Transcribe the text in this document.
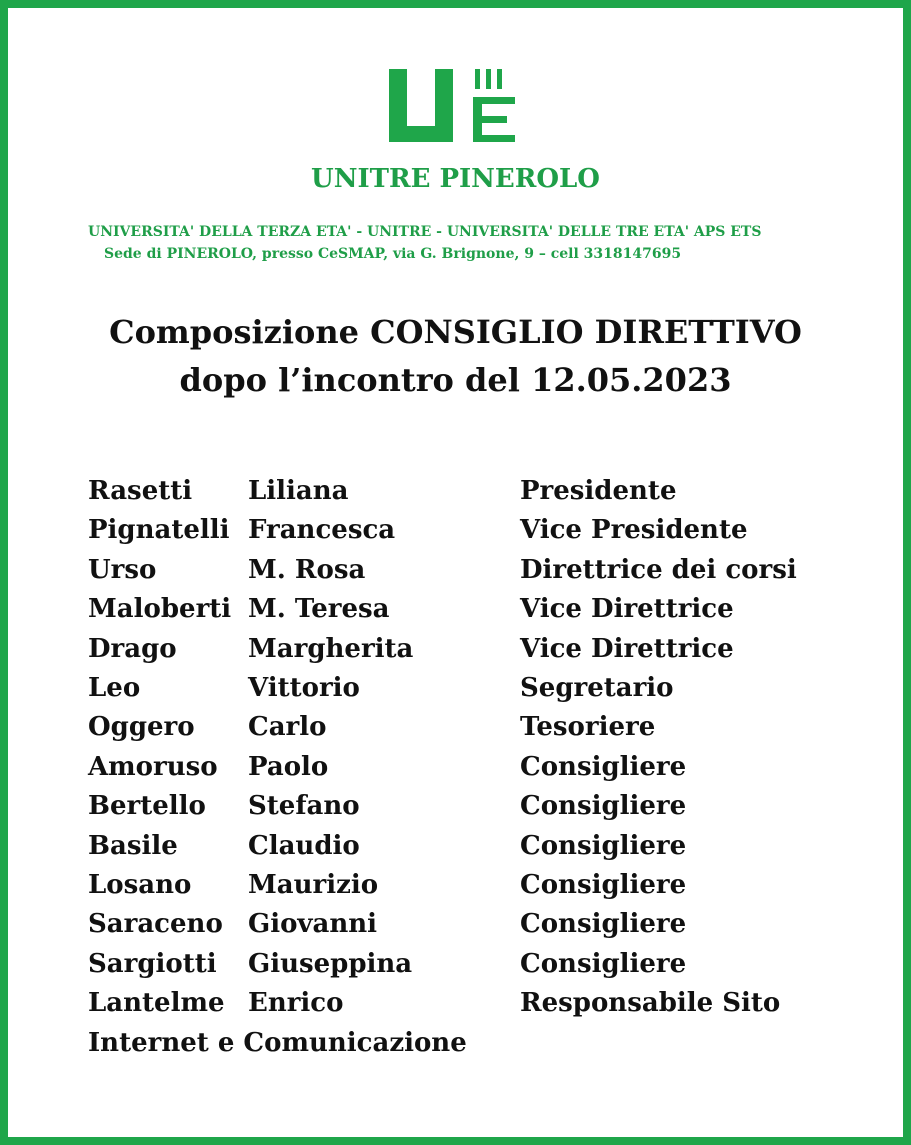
UNITRE PINEROLO
UNIVERSITA' DELLA TERZA ETA' - UNITRE - UNIVERSITA' DELLE TRE ETA' APS ETS
Sede di PINEROLO, presso CeSMAP, via G. Brignone, 9 – cell 3318147695
Composizione CONSIGLIO DIRETTIVO
dopo l’incontro del 12.05.2023
Rasetti Liliana	Presidente
Pignatelli Francesca	Vice Presidente
Urso	M. Rosa	Direttrice dei corsi
Maloberti M. Teresa	Vice Direttrice
Drago	Margherita	Vice Direttrice
Leo	Vittorio	Segretario
Oggero Carlo	Tesoriere
Amoruso Paolo	Consigliere
Bertello Stefano	Consigliere
Basile	Claudio	Consigliere
Losano Maurizio	Consigliere
Saraceno Giovanni	Consigliere
Sargiotti Giuseppina	Consigliere
Lantelme Enrico	Responsabile Sito
Internet e Comunicazione
